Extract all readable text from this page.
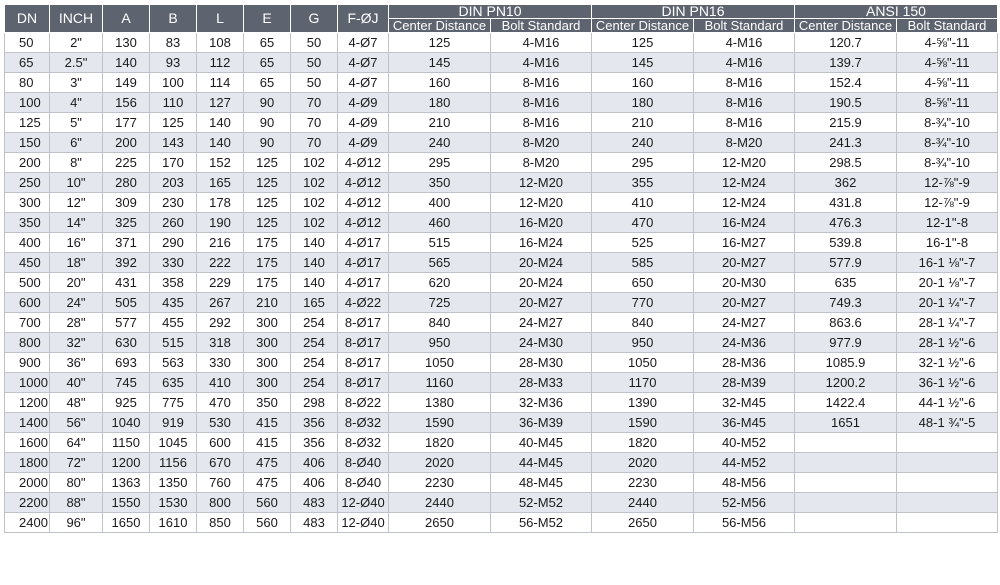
DN	INCH	A	B	L	E	G	F-ØJ	DIN PN10		DIN PN16		ANSI 150	
								Center Distance	Bolt Standard	Center Distance	Bolt Standard	Center Distance	Bolt Standard
50	2"	130	83	108	65	50	4-Ø7	125	4-M16	125	4-M16	120.7	4-⅝"-11
65	2.5"	140	93	112	65	50	4-Ø7	145	4-M16	145	4-M16	139.7	4-⅝"-11
80	3"	149	100	114	65	50	4-Ø7	160	8-M16	160	8-M16	152.4	4-⅝"-11
100	4"	156	110	127	90	70	4-Ø9	180	8-M16	180	8-M16	190.5	8-⅝"-11
125	5"	177	125	140	90	70	4-Ø9	210	8-M16	210	8-M16	215.9	8-¾"-10
150	6"	200	143	140	90	70	4-Ø9	240	8-M20	240	8-M20	241.3	8-¾"-10
200	8"	225	170	152	125	102	4-Ø12	295	8-M20	295	12-M20	298.5	8-¾"-10
250	10"	280	203	165	125	102	4-Ø12	350	12-M20	355	12-M24	362	12-⅞"-9
300	12"	309	230	178	125	102	4-Ø12	400	12-M20	410	12-M24	431.8	12-⅞"-9
350	14"	325	260	190	125	102	4-Ø12	460	16-M20	470	16-M24	476.3	12-1"-8
400	16"	371	290	216	175	140	4-Ø17	515	16-M24	525	16-M27	539.8	16-1"-8
450	18"	392	330	222	175	140	4-Ø17	565	20-M24	585	20-M27	577.9	16-1 ⅛"-7
500	20"	431	358	229	175	140	4-Ø17	620	20-M24	650	20-M30	635	20-1 ⅛"-7
600	24"	505	435	267	210	165	4-Ø22	725	20-M27	770	20-M27	749.3	20-1 ¼"-7
700	28"	577	455	292	300	254	8-Ø17	840	24-M27	840	24-M27	863.6	28-1 ¼"-7
800	32"	630	515	318	300	254	8-Ø17	950	24-M30	950	24-M36	977.9	28-1 ½"-6
900	36"	693	563	330	300	254	8-Ø17	1050	28-M30	1050	28-M36	1085.9	32-1 ½"-6
1000	40"	745	635	410	300	254	8-Ø17	1160	28-M33	1170	28-M39	1200.2	36-1 ½"-6
1200	48"	925	775	470	350	298	8-Ø22	1380	32-M36	1390	32-M45	1422.4	44-1 ½"-6
1400	56"	1040	919	530	415	356	8-Ø32	1590	36-M39	1590	36-M45	1651	48-1 ¾"-5
1600	64"	1150	1045	600	415	356	8-Ø32	1820	40-M45	1820	40-M52		
1800	72"	1200	1156	670	475	406	8-Ø40	2020	44-M45	2020	44-M52		
2000	80"	1363	1350	760	475	406	8-Ø40	2230	48-M45	2230	48-M56		
2200	88"	1550	1530	800	560	483	12-Ø40	2440	52-M52	2440	52-M56		
2400	96"	1650	1610	850	560	483	12-Ø40	2650	56-M52	2650	56-M56		
